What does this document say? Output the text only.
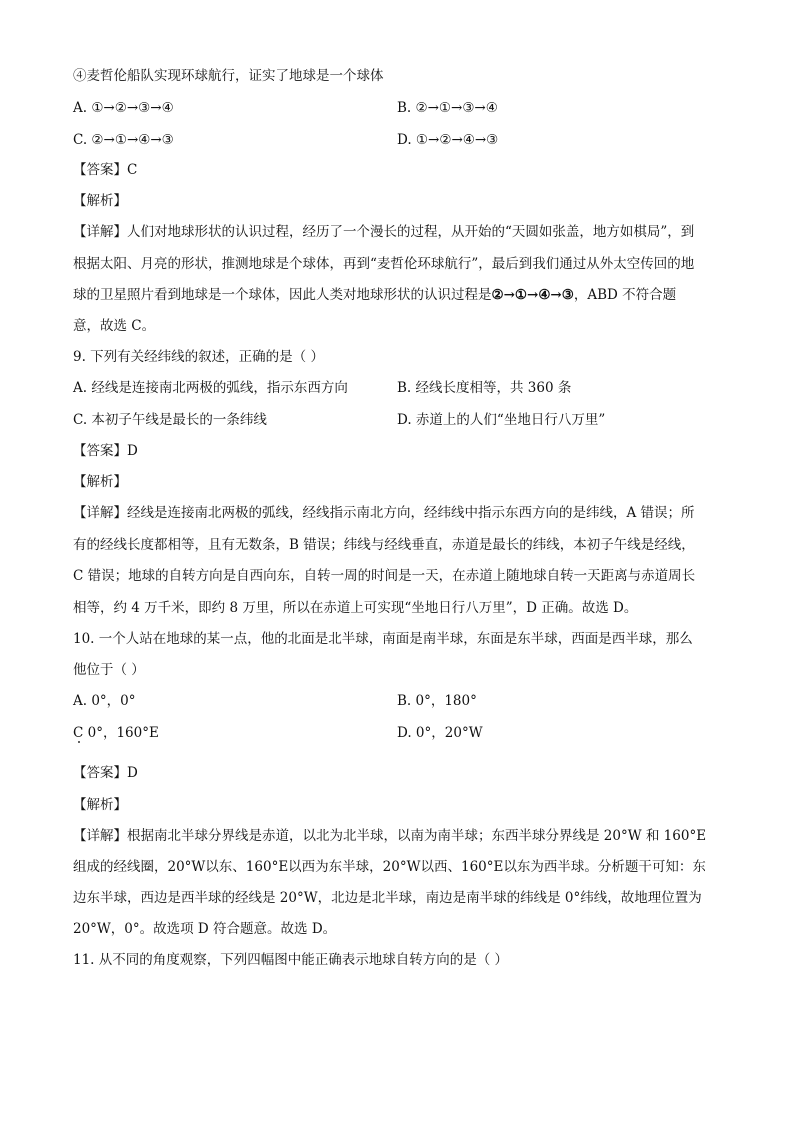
④麦哲伦船队实现环球航行，证实了地球是一个球体
A. ①→②→③→④	B. ②→①→③→④
C. ②→①→④→③	D. ①→②→④→③
【答案】C
【解析】
【详解】人们对地球形状的认识过程，经历了一个漫长的过程，从开始的“天圆如张盖，地方如棋局”，到
根据太阳、月亮的形状，推测地球是个球体，再到“麦哲伦环球航行”，最后到我们通过从外太空传回的地
球的卫星照片看到地球是一个球体，因此人类对地球形状的认识过程是②→①→④→③，ABD 不符合题
意，故选 C。
9. 下列有关经纬线的叙述，正确的是（ ）
A. 经线是连接南北两极的弧线，指示东西方向	B. 经线长度相等，共 360 条
C. 本初子午线是最长的一条纬线	D. 赤道上的人们“坐地日行八万里”
【答案】D
【解析】
【详解】经线是连接南北两极的弧线，经线指示南北方向，经纬线中指示东西方向的是纬线，A 错误；所
有的经线长度都相等，且有无数条，B 错误；纬线与经线垂直，赤道是最长的纬线，本初子午线是经线，
C 错误；地球的自转方向是自西向东，自转一周的时间是一天，在赤道上随地球自转一天距离与赤道周长
相等，约 4 万千米，即约 8 万里，所以在赤道上可实现“坐地日行八万里”，D 正确。故选 D。
10. 一个人站在地球的某一点，他的北面是北半球，南面是南半球，东面是东半球，西面是西半球，那么
他位于（ ）
A. 0°，0°	B. 0°，180°
C 0°，160°E	D. 0°，20°W
【答案】D
【解析】
【详解】根据南北半球分界线是赤道，以北为北半球，以南为南半球；东西半球分界线是 20°W 和 160°E
组成的经线圈，20°W以东、160°E以西为东半球，20°W以西、160°E以东为西半球。分析题干可知：东
边东半球，西边是西半球的经线是 20°W，北边是北半球，南边是南半球的纬线是 0°纬线，故地理位置为
20°W，0°。故选项 D 符合题意。故选 D。
11. 从不同的角度观察，下列四幅图中能正确表示地球自转方向的是（ ）
